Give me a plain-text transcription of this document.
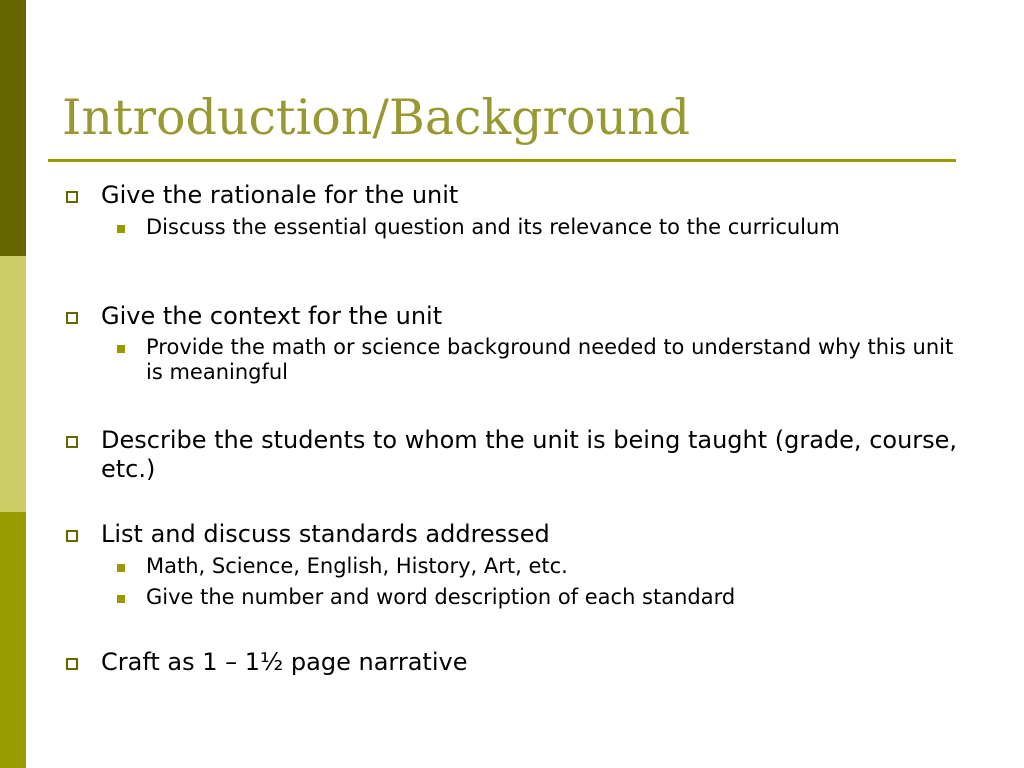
Introduction/Background
Give the rationale for the unit
Discuss the essential question and its relevance to the curriculum
Give the context for the unit
Provide the math or science background needed to understand why this unit is meaningful
Describe the students to whom the unit is being taught (grade, course, etc.)
List and discuss standards addressed
Math, Science, English, History, Art, etc.
Give the number and word description of each standard
Craft as 1 – 1½ page narrative
